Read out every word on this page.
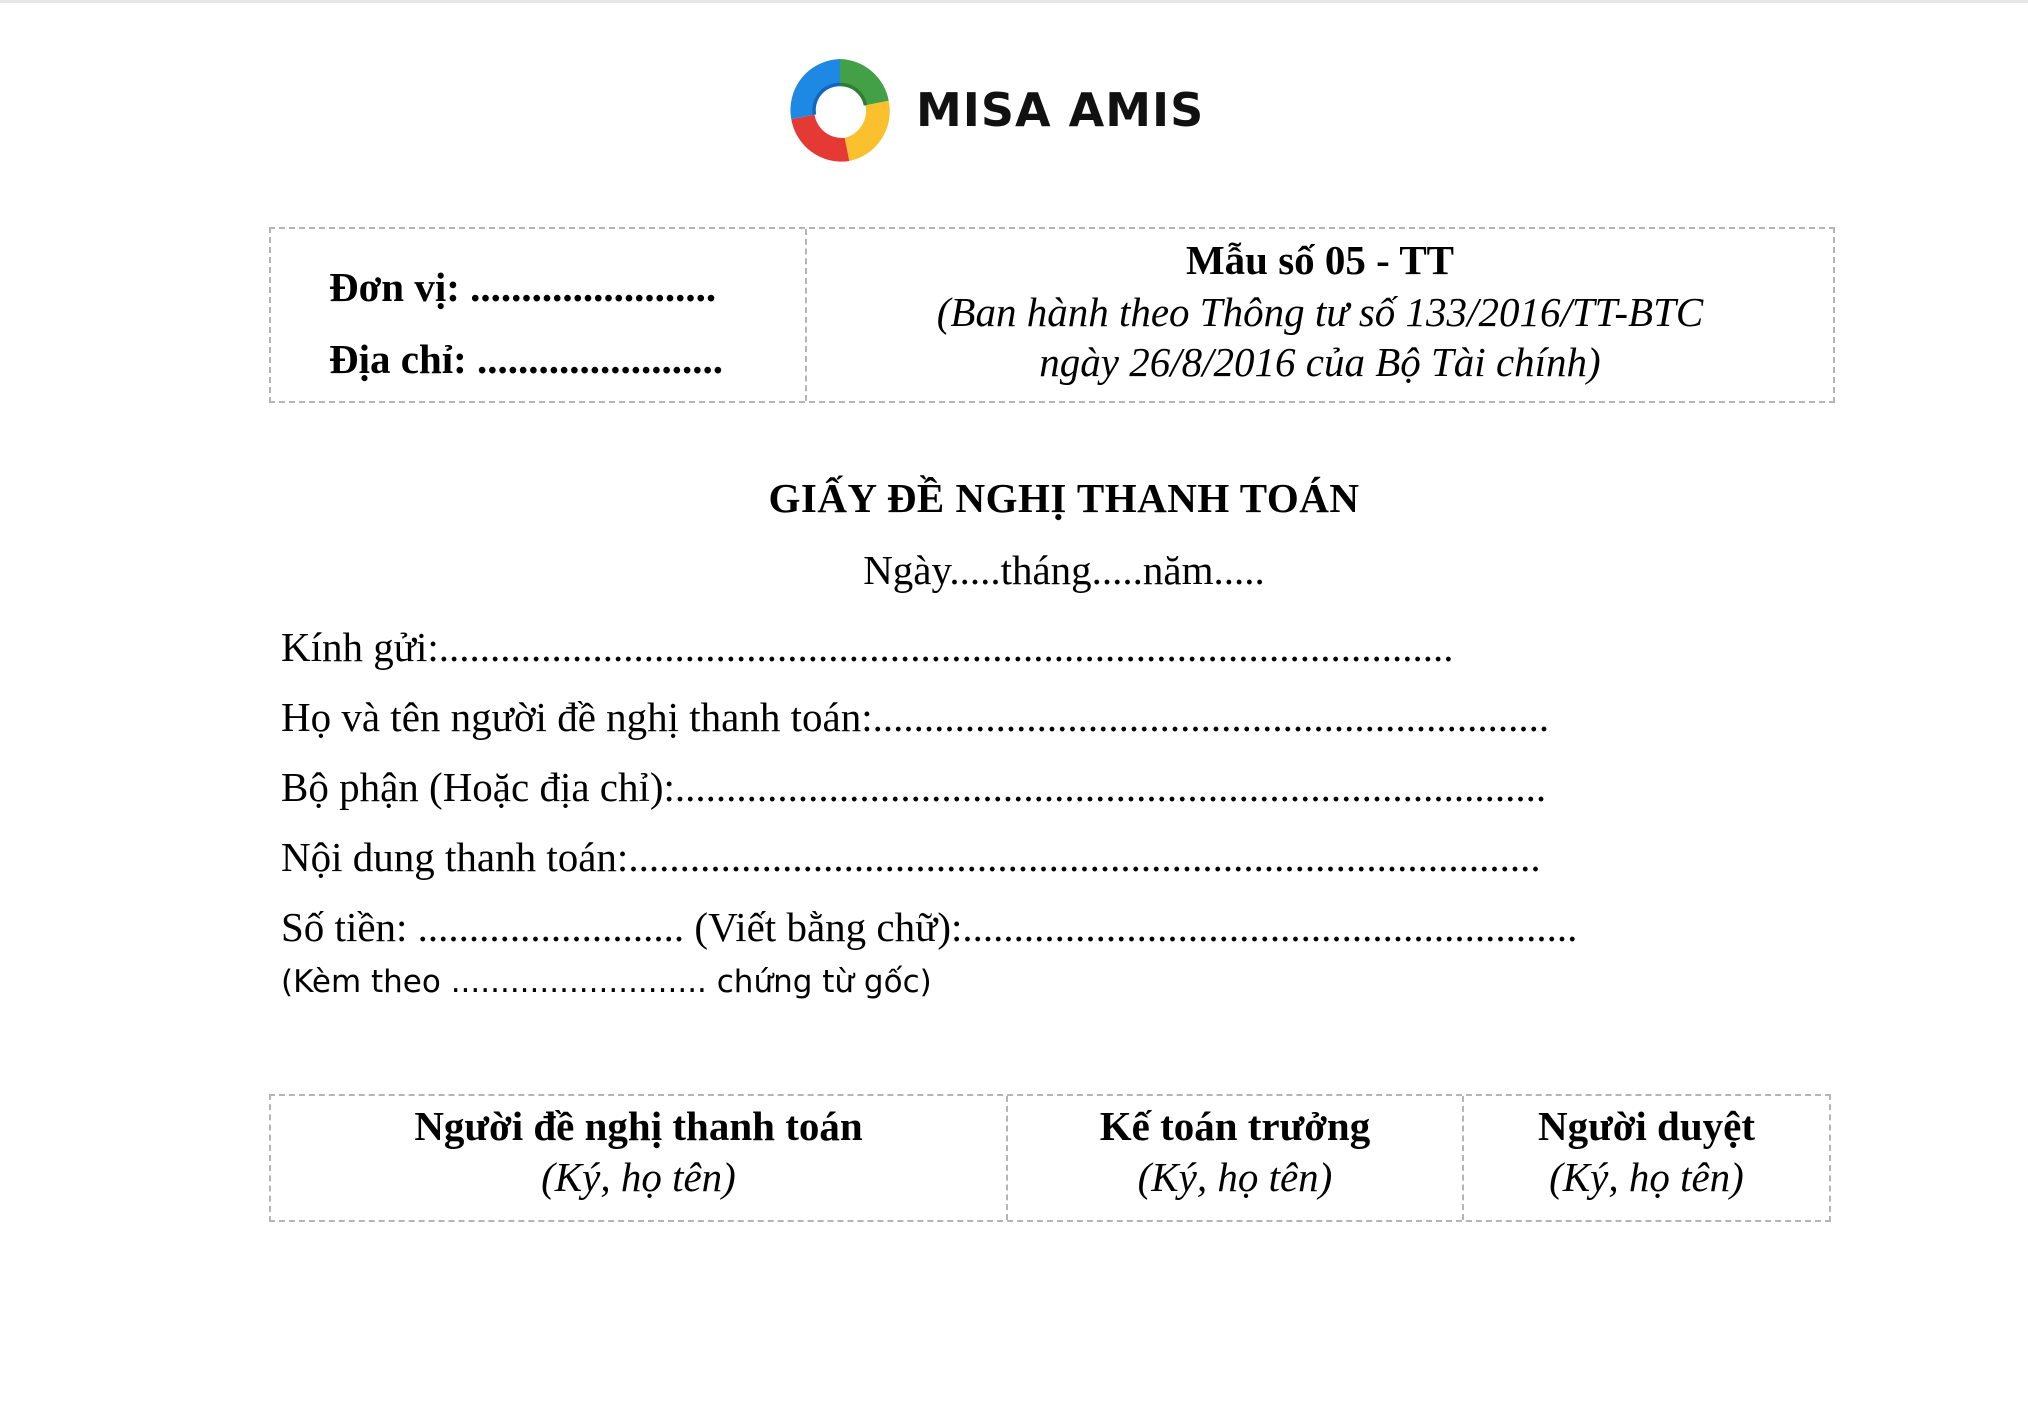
MISA AMIS
Đơn vị: ........................
Địa chỉ: ........................
Mẫu số 05 - TT
(Ban hành theo Thông tư số 133/2016/TT-BTC
ngày 26/8/2016 của Bộ Tài chính)
GIẤY ĐỀ NGHỊ THANH TOÁN
Ngày.....tháng.....năm.....
Kính gửi:...................................................................................................
Họ và tên người đề nghị thanh toán:..................................................................
Bộ phận (Hoặc địa chỉ):.....................................................................................
Nội dung thanh toán:.........................................................................................
Số tiền: .......................... (Viết bằng chữ):............................................................
(Kèm theo .......................... chứng từ gốc)
Người đề nghị thanh toán
(Ký, họ tên)
Kế toán trưởng
(Ký, họ tên)
Người duyệt
(Ký, họ tên)
